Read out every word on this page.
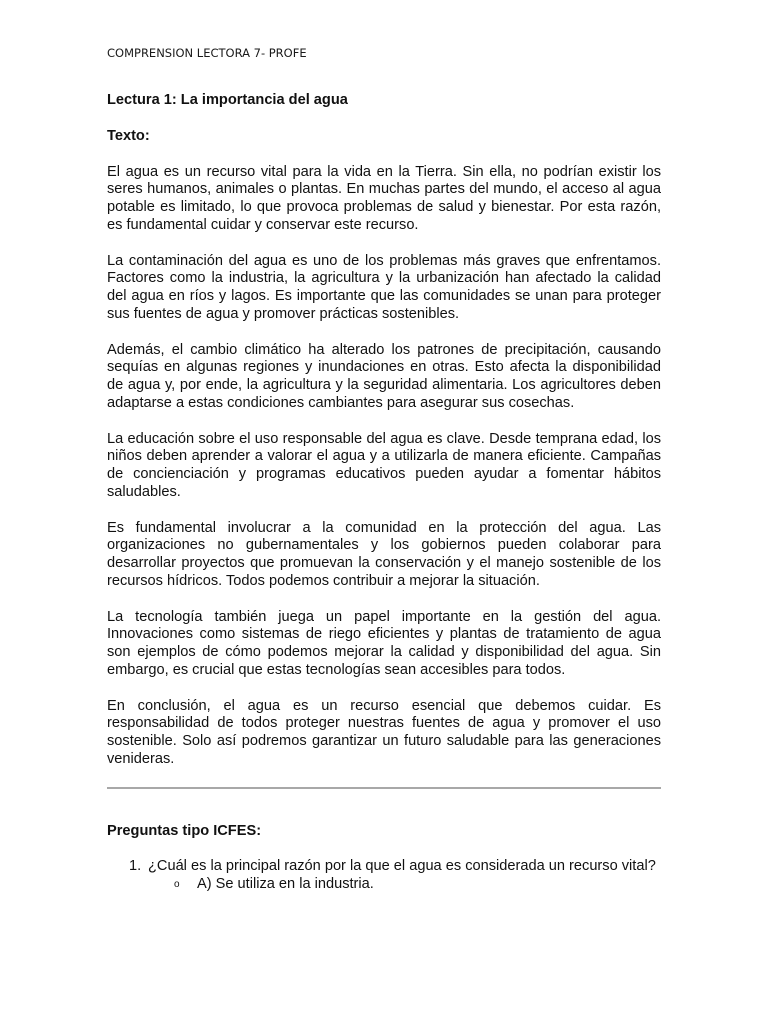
COMPRENSION LECTORA 7- PROFE

Lectura 1: La importancia del agua

Texto:

El agua es un recurso vital para la vida en la Tierra. Sin ella, no podrían existir los seres humanos, animales o plantas. En muchas partes del mundo, el acceso al agua potable es limitado, lo que provoca problemas de salud y bienestar. Por esta razón, es fundamental cuidar y conservar este recurso.

La contaminación del agua es uno de los problemas más graves que enfrentamos. Factores como la industria, la agricultura y la urbanización han afectado la calidad del agua en ríos y lagos. Es importante que las comunidades se unan para proteger sus fuentes de agua y promover prácticas sostenibles.

Además, el cambio climático ha alterado los patrones de precipitación, causando sequías en algunas regiones y inundaciones en otras. Esto afecta la disponibilidad de agua y, por ende, la agricultura y la seguridad alimentaria. Los agricultores deben adaptarse a estas condiciones cambiantes para asegurar sus cosechas.

La educación sobre el uso responsable del agua es clave. Desde temprana edad, los niños deben aprender a valorar el agua y a utilizarla de manera eficiente. Campañas de concienciación y programas educativos pueden ayudar a fomentar hábitos saludables.

Es fundamental involucrar a la comunidad en la protección del agua. Las organizaciones no gubernamentales y los gobiernos pueden colaborar para desarrollar proyectos que promuevan la conservación y el manejo sostenible de los recursos hídricos. Todos podemos contribuir a mejorar la situación.

La tecnología también juega un papel importante en la gestión del agua. Innovaciones como sistemas de riego eficientes y plantas de tratamiento de agua son ejemplos de cómo podemos mejorar la calidad y disponibilidad del agua. Sin embargo, es crucial que estas tecnologías sean accesibles para todos.

En conclusión, el agua es un recurso esencial que debemos cuidar. Es responsabilidad de todos proteger nuestras fuentes de agua y promover el uso sostenible. Solo así podremos garantizar un futuro saludable para las generaciones venideras.

Preguntas tipo ICFES:

1. ¿Cuál es la principal razón por la que el agua es considerada un recurso vital?
o A) Se utiliza en la industria.
